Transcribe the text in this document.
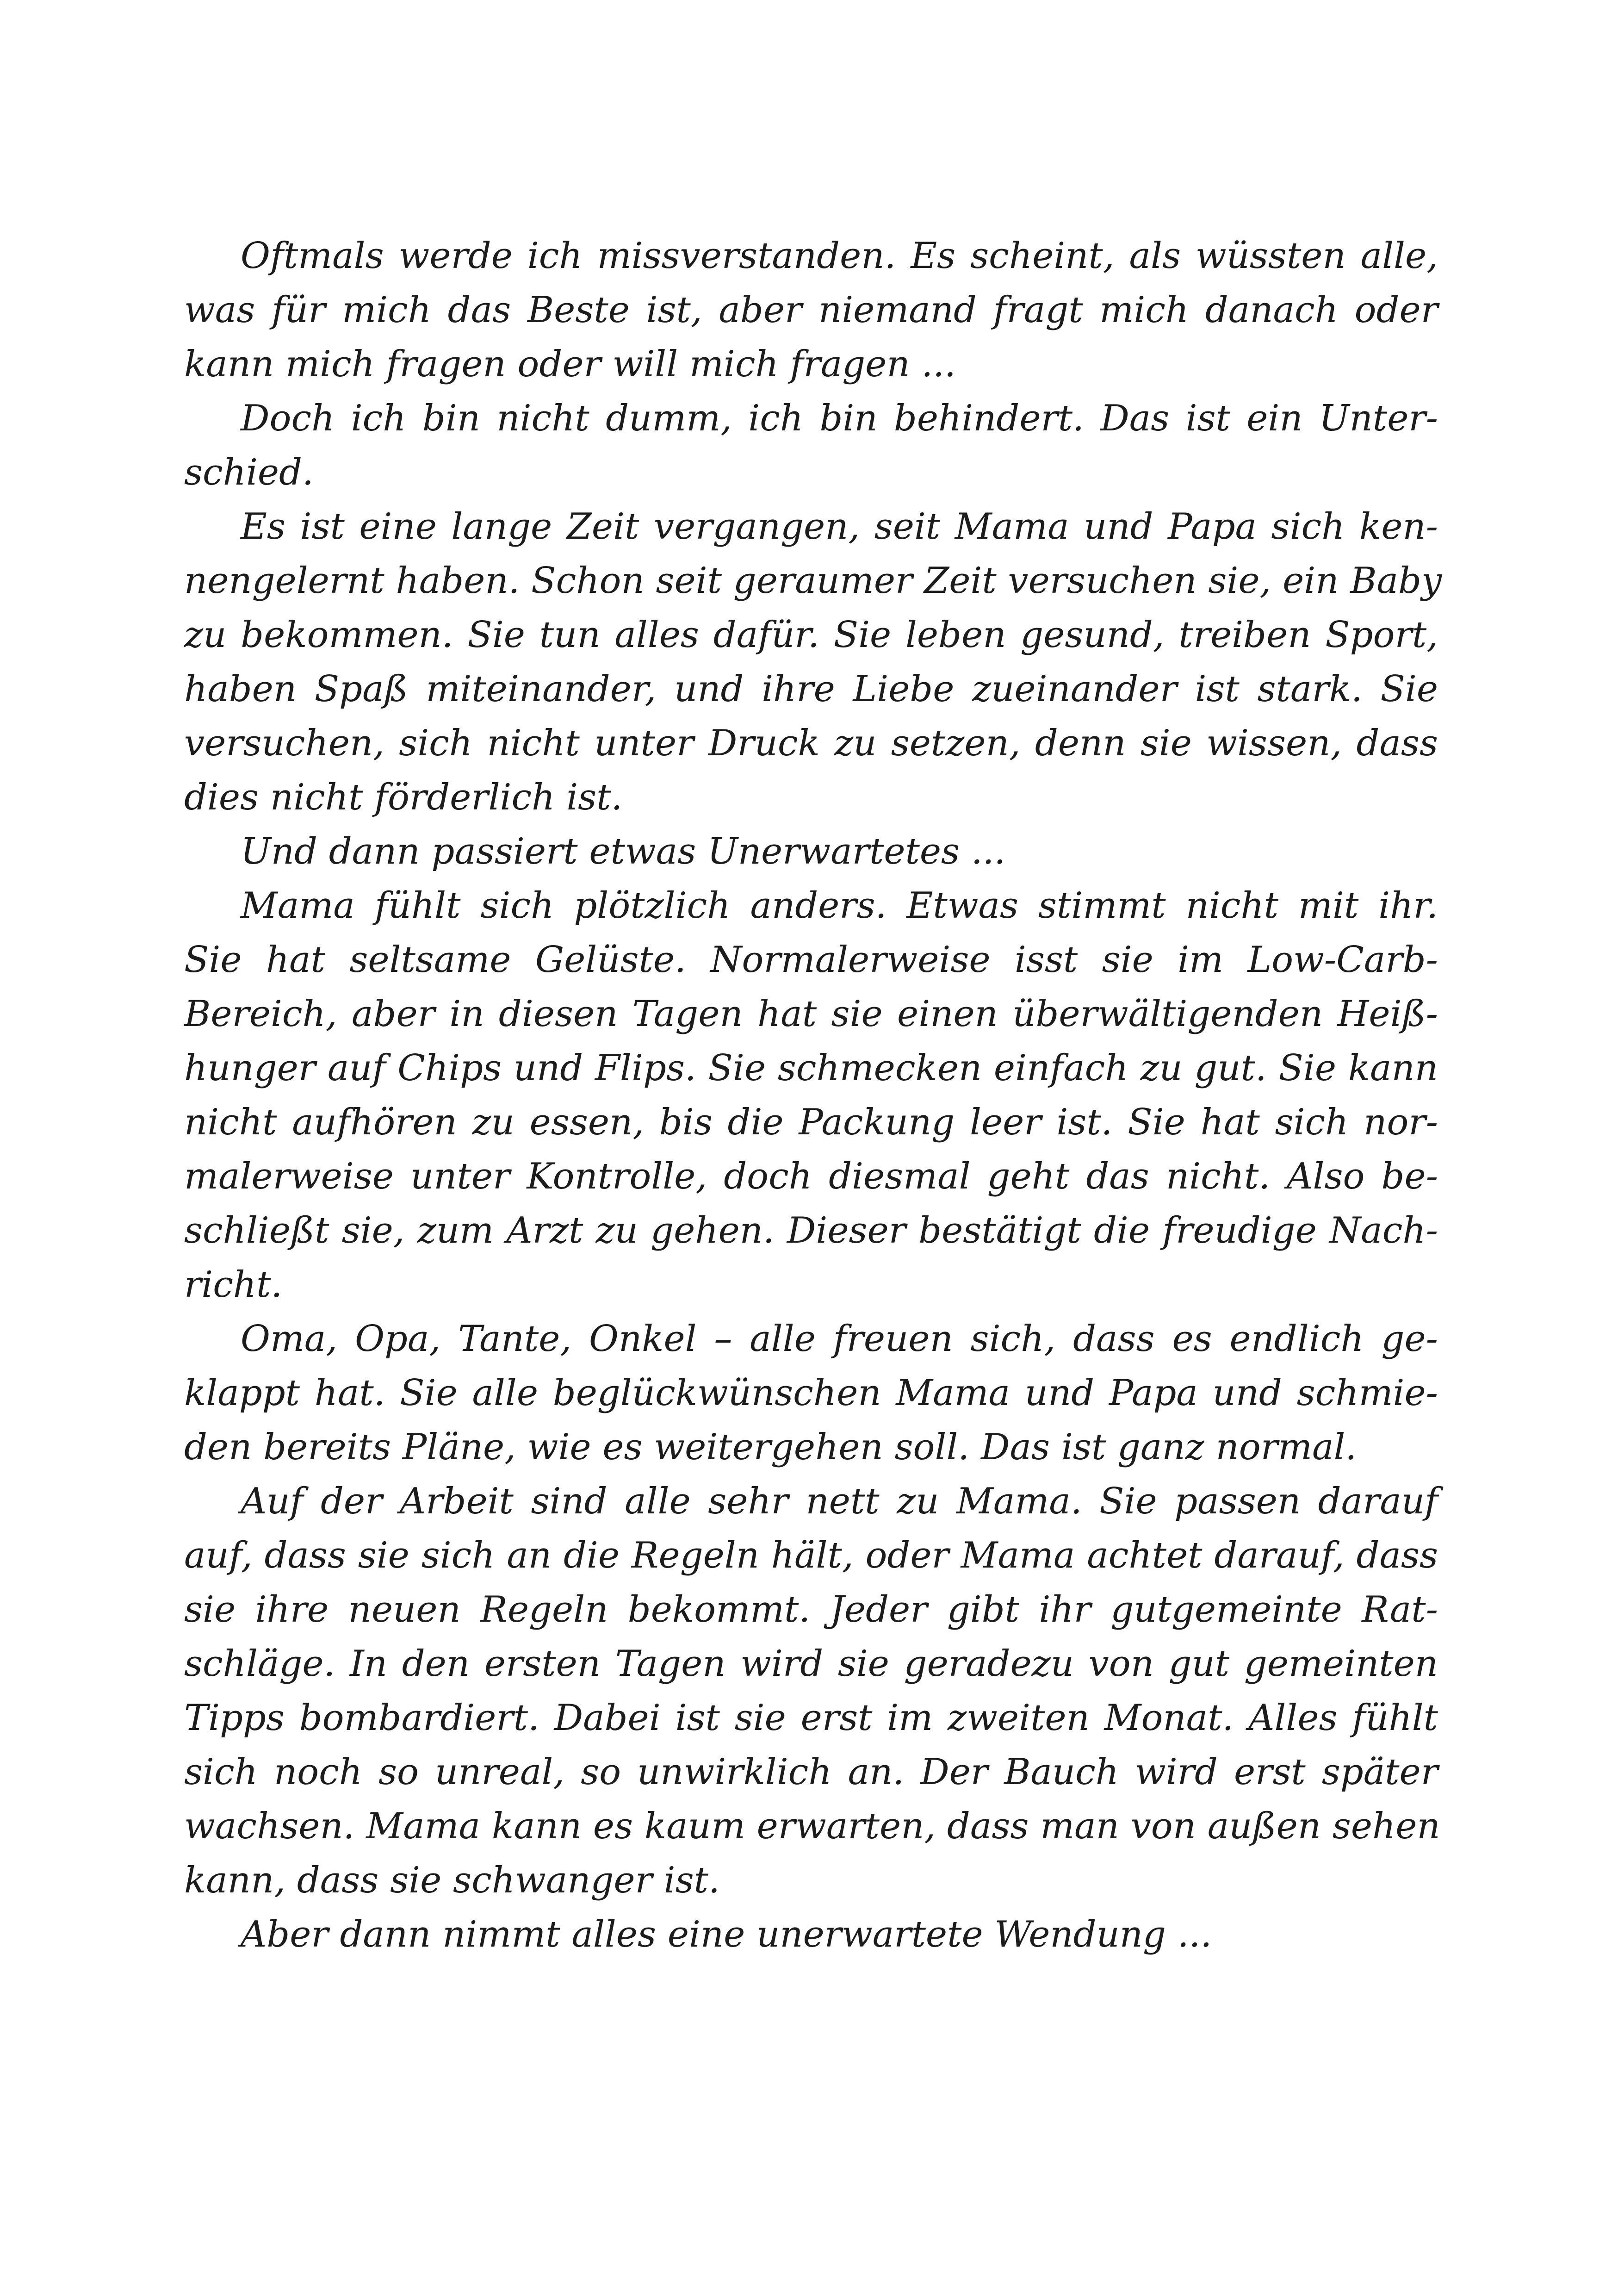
Oftmals werde ich missverstanden. Es scheint, als wüssten alle,
was für mich das Beste ist, aber niemand fragt mich danach oder
kann mich fragen oder will mich fragen ...
Doch ich bin nicht dumm, ich bin behindert. Das ist ein Unter-
schied.
Es ist eine lange Zeit vergangen, seit Mama und Papa sich ken-
nengelernt haben. Schon seit geraumer Zeit versuchen sie, ein Baby
zu bekommen. Sie tun alles dafür. Sie leben gesund, treiben Sport,
haben Spaß miteinander, und ihre Liebe zueinander ist stark. Sie
versuchen, sich nicht unter Druck zu setzen, denn sie wissen, dass
dies nicht förderlich ist.
Und dann passiert etwas Unerwartetes ...
Mama fühlt sich plötzlich anders. Etwas stimmt nicht mit ihr.
Sie hat seltsame Gelüste. Normalerweise isst sie im Low-Carb-
Bereich, aber in diesen Tagen hat sie einen überwältigenden Heiß-
hunger auf Chips und Flips. Sie schmecken einfach zu gut. Sie kann
nicht aufhören zu essen, bis die Packung leer ist. Sie hat sich nor-
malerweise unter Kontrolle, doch diesmal geht das nicht. Also be-
schließt sie, zum Arzt zu gehen. Dieser bestätigt die freudige Nach-
richt.
Oma, Opa, Tante, Onkel – alle freuen sich, dass es endlich ge-
klappt hat. Sie alle beglückwünschen Mama und Papa und schmie-
den bereits Pläne, wie es weitergehen soll. Das ist ganz normal.
Auf der Arbeit sind alle sehr nett zu Mama. Sie passen darauf
auf, dass sie sich an die Regeln hält, oder Mama achtet darauf, dass
sie ihre neuen Regeln bekommt. Jeder gibt ihr gutgemeinte Rat-
schläge. In den ersten Tagen wird sie geradezu von gut gemeinten
Tipps bombardiert. Dabei ist sie erst im zweiten Monat. Alles fühlt
sich noch so unreal, so unwirklich an. Der Bauch wird erst später
wachsen. Mama kann es kaum erwarten, dass man von außen sehen
kann, dass sie schwanger ist.
Aber dann nimmt alles eine unerwartete Wendung ...
